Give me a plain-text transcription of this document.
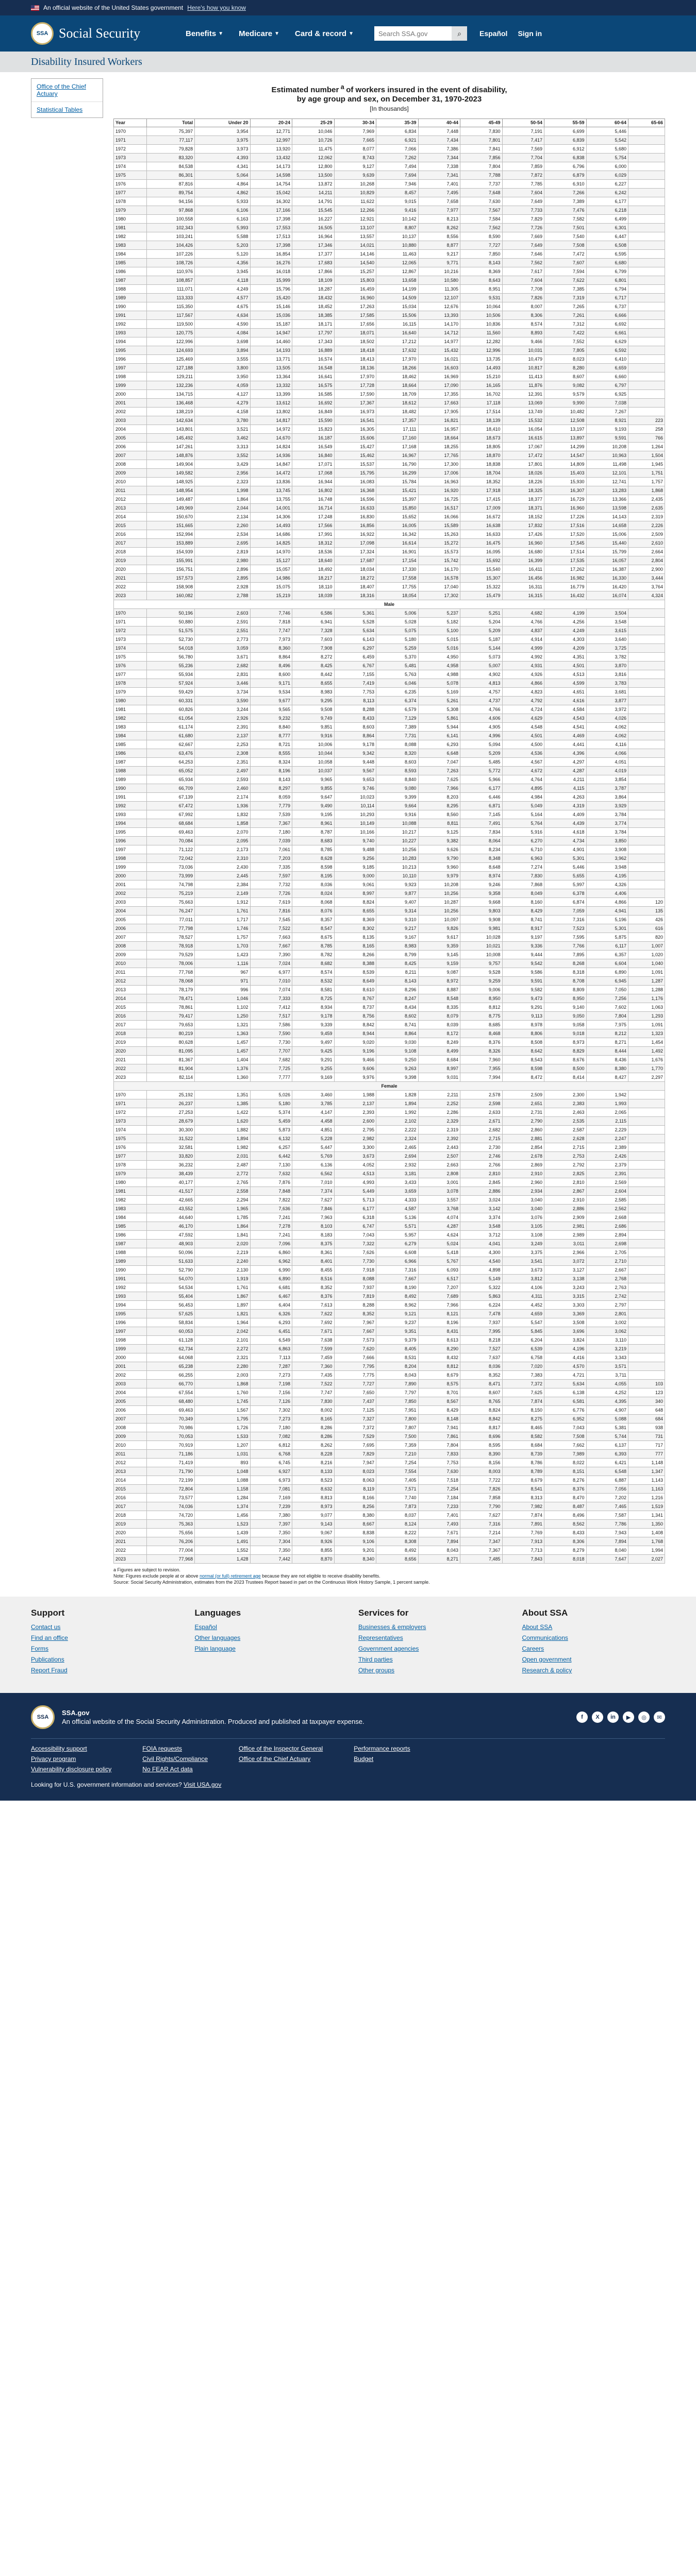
An official website of the United States government Here's how you know
SSA Social Security	Benefits ▼ Medicare ▼ Card & record ▼
Search SSA.gov	⌕	Español Sign in
Disability Insured Workers
Office of the Chief Actuary
Statistical Tables
Estimated number $^a$ of workers insured in the event of disability,
by age group and sex, on December 31, 1970-2023
[In thousands]
Year	Total	Under 20	20-24	25-29	30-34	35-39	40-44	45-49	50-54	55-59	60-64	65-66
1970	75,397	3,954	12,771	10,046	7,969	6,834	7,448	7,830	7,191	6,699	5,446	
1971	77,117	3,975	12,997	10,726	7,665	6,921	7,434	7,801	7,417	6,839	5,542	
1972	79,828	3,973	13,920	11,475	8,077	7,066	7,386	7,841	7,569	6,912	5,680	
1973	83,320	4,393	13,432	12,062	8,743	7,262	7,344	7,856	7,704	6,838	5,754	
1974	84,538	4,341	14,173	12,800	9,127	7,494	7,338	7,804	7,859	6,796	6,000	
1975	86,301	5,064	14,598	13,500	9,639	7,694	7,341	7,788	7,872	6,879	6,029	
1976	87,816	4,864	14,754	13,872	10,268	7,946	7,401	7,737	7,785	6,910	6,227	
1977	89,754	4,862	15,042	14,211	10,829	8,457	7,495	7,648	7,604	7,266	6,242	
1978	94,156	5,933	16,302	14,791	11,622	9,015	7,658	7,630	7,649	7,389	6,177	
1979	97,868	6,106	17,166	15,545	12,266	9,416	7,977	7,567	7,733	7,476	6,218	
1980	100,558	6,163	17,398	16,227	12,921	10,142	8,213	7,584	7,829	7,582	6,499	
1981	102,343	5,993	17,553	16,505	13,107	8,807	8,262	7,562	7,726	7,501	6,301	
1982	103,241	5,588	17,513	16,964	13,557	10,137	8,556	8,590	7,669	7,540	6,447	
1983	104,426	5,203	17,398	17,346	14,021	10,880	8,877	7,727	7,649	7,508	6,508	
1984	107,226	5,120	16,854	17,377	14,146	11,463	9,217	7,850	7,646	7,472	6,595	
1985	108,726	4,356	16,276	17,683	14,540	12,065	9,771	8,143	7,562	7,607	6,680	
1986	110,976	3,945	16,018	17,866	15,257	12,867	10,216	8,369	7,617	7,594	6,799	
1987	108,857	4,118	15,999	18,109	15,803	13,658	10,580	8,643	7,604	7,622	6,801	
1988	111,071	4,249	15,796	18,287	16,459	14,199	11,305	8,951	7,708	7,385	6,794	
1989	113,333	4,577	15,420	18,432	16,960	14,509	12,107	9,531	7,826	7,319	6,717	
1990	115,350	4,675	15,146	18,452	17,263	15,034	12,676	10,064	8,007	7,265	6,737	
1991	117,567	4,634	15,036	18,385	17,585	15,506	13,393	10,506	8,306	7,261	6,666	
1992	119,500	4,590	15,187	18,171	17,656	16,115	14,170	10,836	8,574	7,312	6,692	
1993	120,775	4,084	14,947	17,797	18,071	16,640	14,712	11,560	8,893	7,422	6,661	
1994	122,996	3,698	14,460	17,343	18,502	17,212	14,977	12,282	9,466	7,552	6,629	
1995	124,693	3,894	14,193	16,889	18,418	17,632	15,432	12,996	10,031	7,805	6,592	
1996	125,469	3,555	13,771	16,574	18,413	17,970	16,021	13,735	10,479	8,023	6,410	
1997	127,188	3,800	13,505	16,548	18,136	18,266	16,603	14,493	10,817	8,280	6,659	
1998	129,211	3,950	13,364	16,641	17,970	18,462	16,969	15,210	11,413	8,607	6,660	
1999	132,236	4,059	13,332	16,575	17,728	18,664	17,090	16,165	11,876	9,082	6,797	
2000	134,715	4,127	13,399	16,585	17,590	18,709	17,355	16,702	12,391	9,579	6,925	
2001	136,468	4,279	13,612	16,692	17,367	18,612	17,663	17,118	13,069	9,990	7,038	
2002	138,219	4,158	13,802	16,849	16,973	18,482	17,905	17,514	13,749	10,482	7,267	
2003	142,634	3,780	14,817	15,590	16,541	17,357	16,821	18,139	15,532	12,508	8,921	223
2004	143,801	3,521	14,972	15,823	16,305	17,111	16,957	18,410	16,054	13,197	9,193	258
2005	145,492	3,462	14,670	16,187	15,606	17,160	18,664	18,673	16,615	13,897	9,591	766
2006	147,261	3,313	14,824	16,549	15,427	17,168	18,255	18,805	17,067	14,299	10,208	1,264
2007	148,876	3,552	14,936	16,840	15,462	16,967	17,765	18,870	17,472	14,547	10,963	1,504
2008	149,904	3,429	14,847	17,071	15,537	16,790	17,300	18,838	17,801	14,809	11,498	1,945
2009	149,582	2,956	14,472	17,068	15,795	16,299	17,006	18,704	18,026	15,403	12,101	1,751
2010	148,925	2,323	13,836	16,944	16,083	15,784	16,963	18,352	18,226	15,930	12,741	1,757
2011	148,954	1,998	13,745	16,802	16,368	15,421	16,920	17,918	18,325	16,307	13,283	1,868
2012	149,487	1,864	13,755	16,748	16,596	15,397	16,725	17,415	18,377	16,729	13,366	2,435
2013	149,969	2,044	14,001	16,714	16,633	15,850	16,517	17,009	18,371	16,960	13,598	2,635
2014	150,670	2,134	14,306	17,248	16,830	15,652	16,066	16,672	18,152	17,226	14,143	2,319
2015	151,665	2,260	14,493	17,566	16,856	16,005	15,589	16,638	17,832	17,516	14,658	2,226
2016	152,994	2,534	14,686	17,991	16,922	16,342	15,263	16,633	17,426	17,520	15,006	2,509
2017	153,889	2,695	14,825	18,312	17,098	16,614	15,272	16,475	16,960	17,545	15,440	2,610
2018	154,939	2,819	14,970	18,536	17,324	16,901	15,573	16,095	16,680	17,514	15,799	2,664
2019	155,991	2,980	15,127	18,640	17,687	17,154	15,742	15,692	16,399	17,535	16,057	2,804
2020	156,751	2,896	15,057	18,492	18,034	17,330	16,170	15,540	16,411	17,262	16,387	2,900
2021	157,573	2,895	14,986	18,217	18,272	17,558	16,578	15,307	16,456	16,982	16,330	3,444
2022	158,908	2,928	15,075	18,110	18,407	17,755	17,040	15,322	16,311	16,779	16,420	3,764
2023	160,082	2,788	15,219	18,039	18,316	18,054	17,302	15,479	16,315	16,432	16,074	4,324
Male												
1970	50,196	2,603	7,746	6,586	5,361	5,006	5,237	5,251	4,682	4,199	3,504	
1971	50,880	2,591	7,818	6,941	5,528	5,028	5,182	5,204	4,766	4,256	3,548	
1972	51,575	2,551	7,747	7,328	5,634	5,075	5,100	5,209	4,837	4,249	3,615	
1973	52,730	2,773	7,973	7,603	6,143	5,180	5,015	5,187	4,914	4,303	3,640	
1974	54,018	3,059	8,360	7,908	6,297	5,259	5,016	5,144	4,999	4,209	3,725	
1975	56,780	3,671	8,864	8,272	6,459	5,370	4,950	5,073	4,992	4,351	3,782	
1976	55,236	2,682	8,496	8,425	6,767	5,481	4,958	5,007	4,931	4,501	3,870	
1977	55,934	2,831	8,600	8,442	7,155	5,763	4,988	4,902	4,926	4,513	3,816	
1978	57,924	3,446	9,171	8,655	7,419	6,046	5,078	4,813	4,866	4,599	3,783	
1979	59,429	3,734	9,534	8,983	7,753	6,235	5,169	4,757	4,823	4,651	3,681	
1980	60,331	3,590	9,677	9,295	8,113	6,374	5,261	4,737	4,792	4,616	3,877	
1981	60,826	3,244	9,565	9,508	8,288	6,579	5,308	4,766	4,724	4,584	3,972	
1982	61,054	2,926	9,232	9,749	8,433	7,129	5,861	4,606	4,629	4,543	4,026	
1983	61,174	2,391	8,840	9,851	8,603	7,389	5,944	4,905	4,548	4,541	4,062	
1984	61,680	2,137	8,777	9,916	8,864	7,731	6,141	4,996	4,501	4,469	4,062	
1985	62,667	2,253	8,721	10,006	9,178	8,088	6,293	5,094	4,500	4,441	4,116	
1986	63,476	2,308	8,555	10,044	9,342	8,320	6,648	5,209	4,536	4,396	4,066	
1987	64,253	2,351	8,324	10,058	9,448	8,603	7,047	5,485	4,567	4,297	4,051	
1988	65,052	2,497	8,196	10,037	9,567	8,593	7,263	5,772	4,672	4,287	4,019	
1989	65,934	2,593	8,143	9,965	9,653	8,840	7,625	5,966	4,764	4,211	3,854	
1990	66,709	2,460	8,297	9,855	9,746	9,080	7,966	6,177	4,895	4,115	3,787	
1991	67,139	2,174	8,059	9,647	10,023	9,399	8,203	6,446	4,984	4,263	3,864	
1992	67,472	1,936	7,779	9,490	10,114	9,664	8,295	6,871	5,049	4,319	3,929	
1993	67,992	1,832	7,539	9,195	10,293	9,916	8,560	7,145	5,164	4,409	3,784	
1994	68,684	1,858	7,367	8,961	10,149	10,088	8,811	7,491	5,764	4,439	3,774	
1995	69,463	2,070	7,180	8,787	10,166	10,217	9,125	7,834	5,916	4,618	3,784	
1996	70,084	2,095	7,039	8,683	9,740	10,227	9,382	8,064	6,270	4,734	3,850	
1997	71,122	2,173	7,061	8,785	9,488	10,256	9,626	8,234	6,710	4,901	3,908	
1998	72,042	2,310	7,203	8,628	9,256	10,283	9,790	8,348	6,963	5,301	3,962	
1999	73,036	2,430	7,335	8,598	9,185	10,213	9,960	8,648	7,274	5,446	3,948	
2000	73,999	2,445	7,597	8,195	9,000	10,110	9,979	8,974	7,830	5,655	4,195	
2001	74,798	2,384	7,732	8,036	9,061	9,923	10,208	9,246	7,868	5,997	4,326	
2002	75,219	2,149	7,726	8,024	8,997	9,877	10,256	9,358	8,049	6,378	4,406	
2003	75,663	1,912	7,619	8,068	8,824	9,407	10,287	9,668	8,160	6,874	4,866	120
2004	76,247	1,761	7,816	8,076	8,655	9,314	10,256	9,803	8,429	7,059	4,941	135
2005	77,011	1,717	7,545	8,357	8,369	9,310	10,097	9,908	8,741	7,316	5,196	426
2006	77,798	1,746	7,522	8,547	8,302	9,217	9,826	9,981	8,917	7,523	5,301	616
2007	78,527	1,757	7,663	8,675	8,135	9,167	9,617	10,028	9,197	7,595	5,875	820
2008	78,918	1,703	7,667	8,785	8,165	8,983	9,359	10,021	9,336	7,766	6,117	1,007
2009	79,529	1,423	7,390	8,782	8,266	8,799	9,145	10,008	9,444	7,895	6,357	1,020
2010	78,006	1,116	7,024	8,682	8,388	8,425	9,159	9,757	9,542	8,268	6,604	1,040
2011	77,768	967	6,977	8,574	8,539	8,211	9,087	9,528	9,586	8,318	6,890	1,091
2012	78,068	971	7,010	8,532	8,649	8,143	8,972	9,259	9,591	8,708	6,945	1,287
2013	78,179	996	7,074	8,581	8,610	8,296	8,887	9,006	9,582	8,809	7,050	1,288
2014	78,471	1,046	7,333	8,725	8,767	8,247	8,548	8,950	9,473	8,950	7,256	1,176
2015	78,861	1,102	7,412	8,934	8,737	8,434	8,335	8,812	9,291	9,140	7,602	1,063
2016	79,417	1,250	7,517	9,178	8,756	8,602	8,079	8,775	9,113	9,050	7,804	1,293
2017	79,653	1,321	7,586	9,339	8,842	8,741	8,039	8,685	8,978	9,058	7,975	1,091
2018	80,219	1,363	7,590	9,459	8,944	8,864	8,172	8,468	8,806	9,018	8,212	1,323
2019	80,628	1,457	7,730	9,497	9,020	9,030	8,249	8,376	8,508	8,973	8,271	1,454
2020	81,095	1,457	7,707	9,425	9,196	9,108	8,499	8,326	8,642	8,829	8,444	1,492
2021	81,367	1,404	7,682	9,291	9,466	9,250	8,684	7,960	8,543	8,676	8,436	1,676
2022	81,904	1,376	7,725	9,255	9,606	9,263	8,997	7,955	8,598	8,500	8,380	1,770
2023	82,114	1,360	7,777	9,169	9,976	9,398	9,031	7,994	8,472	8,414	8,427	2,297
Female												
1970	25,192	1,351	5,026	3,460	1,988	1,828	2,211	2,578	2,509	2,300	1,942	
1971	26,237	1,385	5,180	3,785	2,137	1,894	2,252	2,598	2,651	2,383	1,993	
1972	27,253	1,422	5,374	4,147	2,393	1,992	2,286	2,633	2,731	2,463	2,065	
1973	28,679	1,620	5,459	4,458	2,600	2,102	2,329	2,671	2,790	2,535	2,115	
1974	30,300	1,882	5,873	4,851	2,795	2,222	2,319	2,682	2,860	2,587	2,229	
1975	31,522	1,894	6,132	5,228	2,982	2,324	2,392	2,715	2,881	2,628	2,247	
1976	32,581	1,982	6,257	5,447	3,300	2,465	2,443	2,730	2,854	2,715	2,389	
1977	33,820	2,031	6,442	5,769	3,673	2,694	2,507	2,746	2,678	2,753	2,426	
1978	36,232	2,487	7,130	6,136	4,052	2,932	2,663	2,766	2,869	2,792	2,379	
1979	38,439	2,772	7,632	6,562	4,513	3,181	2,808	2,810	2,910	2,825	2,391	
1980	40,177	2,765	7,876	7,010	4,993	3,433	3,001	2,845	2,960	2,810	2,569	
1981	41,517	2,558	7,848	7,374	5,449	3,659	3,078	2,886	2,934	2,867	2,604	
1982	42,665	2,294	7,822	7,627	5,713	4,333	3,557	3,024	3,040	2,910	2,585	
1983	43,552	1,965	7,636	7,846	6,177	4,587	3,768	3,142	3,040	2,886	2,562	
1984	44,640	1,785	7,241	7,963	6,318	5,136	4,074	3,374	3,076	2,909	2,668	
1985	46,170	1,864	7,278	8,103	6,747	5,571	4,287	3,548	3,105	2,981	2,686	
1986	47,592	1,841	7,241	8,183	7,043	5,957	4,624	3,712	3,108	2,989	2,894	
1987	48,903	2,020	7,096	8,375	7,322	6,279	5,024	4,041	3,249	3,011	2,698	
1988	50,096	2,219	6,860	8,361	7,626	6,608	5,418	4,300	3,375	2,966	2,705	
1989	51,633	2,240	6,962	8,401	7,730	6,966	5,767	4,540	3,541	3,072	2,710	
1990	52,790	2,130	6,990	8,455	7,918	7,316	6,093	4,898	3,673	3,127	2,667	
1991	54,070	1,919	6,890	8,516	8,088	7,667	6,517	5,149	3,812	3,138	2,768	
1992	54,534	1,761	6,681	8,352	7,937	8,190	7,207	5,322	4,106	3,243	2,763	
1993	55,404	1,867	6,467	8,376	7,819	8,492	7,689	5,863	4,311	3,315	2,742	
1994	56,453	1,897	6,404	7,613	8,288	8,962	7,966	6,224	4,452	3,303	2,797	
1995	57,625	1,821	6,326	7,622	8,352	9,121	8,121	7,478	4,659	3,369	2,801	
1996	58,834	1,964	6,293	7,692	7,967	9,237	8,196	7,937	5,547	3,508	3,002	
1997	60,053	2,042	6,451	7,671	7,667	9,351	8,431	7,995	5,845	3,696	3,062	
1998	61,128	2,101	6,549	7,638	7,573	9,379	8,613	8,218	6,204	3,824	3,110	
1999	62,734	2,272	6,863	7,599	7,620	8,405	8,290	7,527	6,539	4,196	3,219	
2000	64,068	2,321	7,113	7,459	7,666	8,531	8,432	7,637	6,758	4,416	3,343	
2001	65,238	2,280	7,287	7,360	7,795	8,204	8,812	8,036	7,020	4,570	3,571	
2002	66,255	2,003	7,273	7,435	7,775	8,043	8,679	8,352	7,383	4,721	3,711	
2003	66,770	1,868	7,198	7,522	7,727	7,890	8,575	8,471	7,372	5,634	4,055	103
2004	67,554	1,760	7,156	7,747	7,650	7,797	8,701	8,607	7,625	6,138	4,252	123
2005	68,480	1,745	7,126	7,830	7,437	7,850	8,567	8,765	7,874	6,581	4,395	340
2006	69,463	1,567	7,302	8,002	7,125	7,951	8,429	8,824	8,150	6,776	4,907	648
2007	70,349	1,795	7,273	8,165	7,327	7,800	8,148	8,842	8,275	6,952	5,088	684
2008	70,986	1,726	7,180	8,286	7,372	7,807	7,941	8,817	8,465	7,043	5,381	938
2009	70,053	1,533	7,082	8,286	7,529	7,500	7,861	8,696	8,582	7,508	5,744	731
2010	70,919	1,207	6,812	8,262	7,695	7,359	7,804	8,595	8,684	7,662	6,137	717
2011	71,186	1,031	6,768	8,228	7,829	7,210	7,833	8,390	8,739	7,989	6,393	777
2012	71,419	893	6,745	8,216	7,947	7,254	7,753	8,156	8,786	8,022	6,421	1,148
2013	71,790	1,048	6,927	8,133	8,023	7,554	7,630	8,003	8,789	8,151	6,548	1,347
2014	72,199	1,088	6,973	8,523	8,063	7,405	7,518	7,722	8,679	8,276	6,887	1,143
2015	72,804	1,158	7,081	8,632	8,119	7,571	7,254	7,826	8,541	8,376	7,056	1,163
2016	73,577	1,284	7,169	8,813	8,166	7,740	7,184	7,858	8,313	8,470	7,202	1,216
2017	74,036	1,374	7,239	8,973	8,256	7,873	7,233	7,790	7,982	8,487	7,465	1,519
2018	74,720	1,456	7,380	9,077	8,380	8,037	7,401	7,627	7,874	8,496	7,587	1,341
2019	75,363	1,523	7,397	9,143	8,667	8,124	7,493	7,316	7,891	8,562	7,786	1,350
2020	75,656	1,439	7,350	9,067	8,838	8,222	7,671	7,214	7,769	8,433	7,943	1,408
2021	76,206	1,491	7,304	8,926	9,106	8,308	7,894	7,347	7,913	8,306	7,894	1,768
2022	77,004	1,552	7,350	8,855	9,201	8,492	8,043	7,367	7,713	8,279	8,040	1,994
2023	77,968	1,428	7,442	8,870	8,340	8,656	8,271	7,485	7,843	8,018	7,647	2,027
a Figures are subject to revision.
Note: Figures exclude people at or above normal (or full) retirement age because they are not eligible to receive disability benefits.
Source: Social Security Administration, estimates from the 2023 Trustees Report based in part on the Continuous Work History Sample, 1 percent sample.
Support
Contact us
Find an office
Forms
Publications
Report Fraud
Languages
Español
Other languages
Plain language
Services for
Businesses & employers
Representatives
Government agencies
Third parties
Other groups
About SSA
About SSA
Communications
Careers
Open government
Research & policy
SSA
SSA.gov
An official website of the Social Security Administration. Produced and published at taxpayer expense.
f	X	in	▶	◎	✉
Accessibility support
Privacy program
Vulnerability disclosure policy
FOIA requests
Civil Rights/Compliance
No FEAR Act data
Office of the Inspector General
Office of the Chief Actuary
Performance reports
Budget
Looking for U.S. government information and services? Visit USA.gov
